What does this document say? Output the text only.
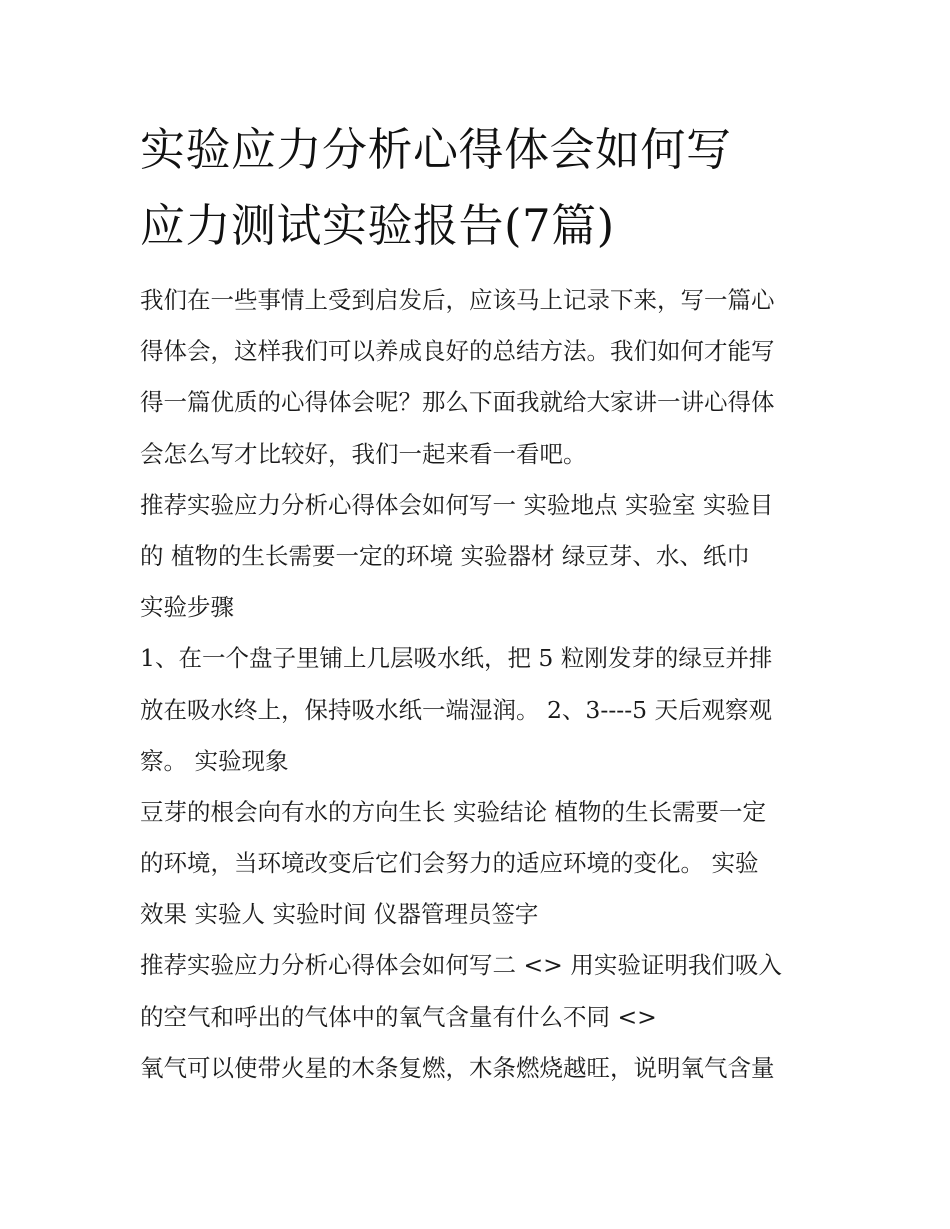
实验应力分析心得体会如何写
应力测试实验报告(7篇)
我们在一些事情上受到启发后，应该马上记录下来，写一篇心
得体会，这样我们可以养成良好的总结方法。我们如何才能写
得一篇优质的心得体会呢？那么下面我就给大家讲一讲心得体
会怎么写才比较好，我们一起来看一看吧。
推荐实验应力分析心得体会如何写一 实验地点 实验室 实验目
的 植物的生长需要一定的环境 实验器材 绿豆芽、水、纸巾
实验步骤
1、在一个盘子里铺上几层吸水纸，把 5 粒刚发芽的绿豆并排
放在吸水终上，保持吸水纸一端湿润。 2、3----5 天后观察观
察。 实验现象
豆芽的根会向有水的方向生长 实验结论 植物的生长需要一定
的环境，当环境改变后它们会努力的适应环境的变化。 实验
效果 实验人 实验时间 仪器管理员签字
推荐实验应力分析心得体会如何写二 <> 用实验证明我们吸入
的空气和呼出的气体中的氧气含量有什么不同 <>
氧气可以使带火星的木条复燃，木条燃烧越旺，说明氧气含量
